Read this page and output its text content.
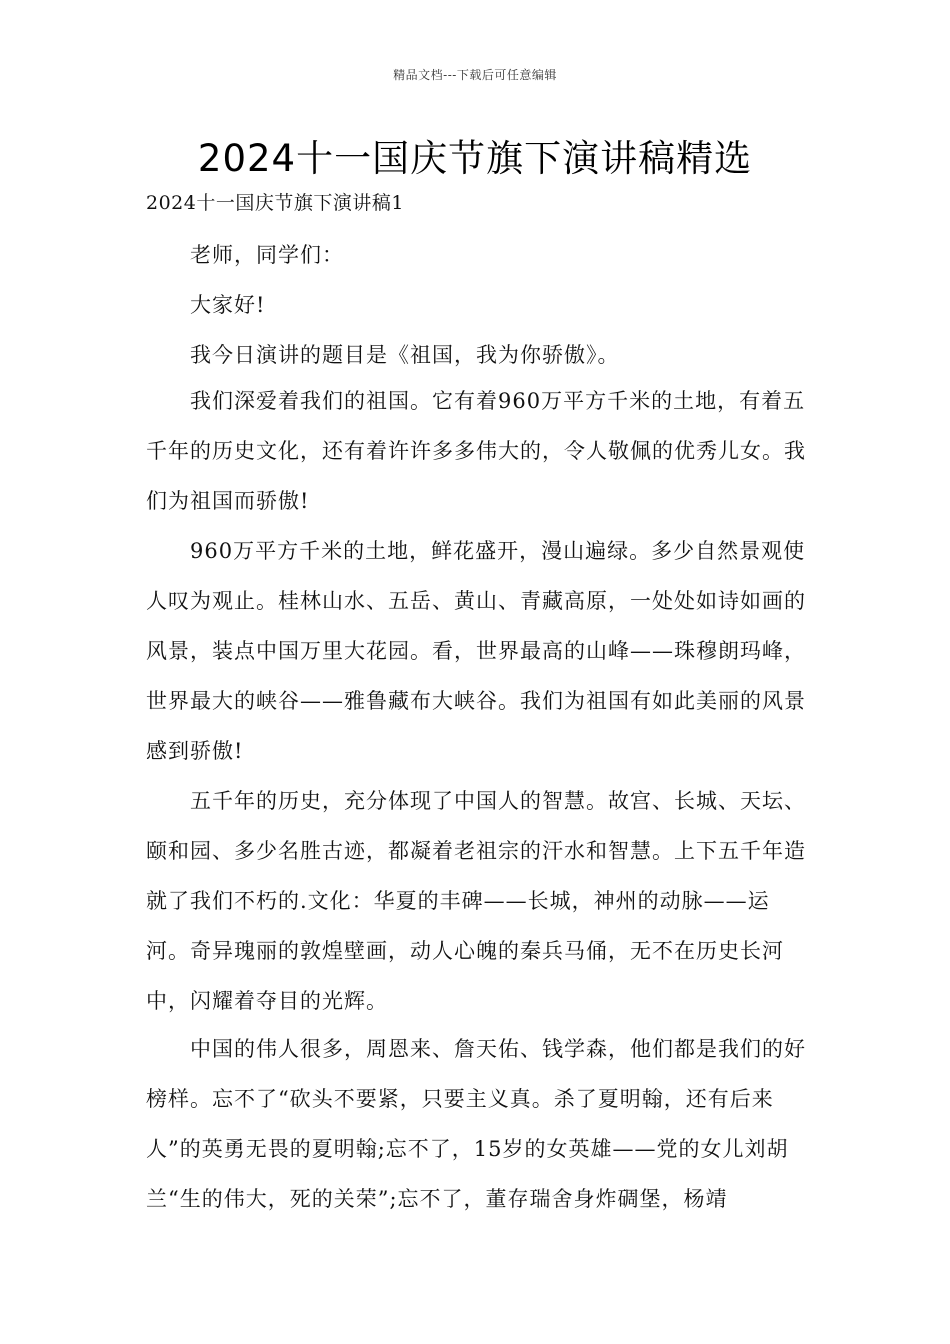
精品文档---下载后可任意编辑
2024十一国庆节旗下演讲稿精选
2024十一国庆节旗下演讲稿1

老师，同学们：

大家好!

我今日演讲的题目是《祖国，我为你骄傲》。

我们深爱着我们的祖国。它有着960万平方千米的土地，有着五千年的历史文化，还有着许许多多伟大的，令人敬佩的优秀儿女。我们为祖国而骄傲!

960万平方千米的土地，鲜花盛开，漫山遍绿。多少自然景观使人叹为观止。桂林山水、五岳、黄山、青藏高原，一处处如诗如画的风景，装点中国万里大花园。看，世界最高的山峰——珠穆朗玛峰，世界最大的峡谷——雅鲁藏布大峡谷。我们为祖国有如此美丽的风景感到骄傲!

五千年的历史，充分体现了中国人的智慧。故宫、长城、天坛、颐和园、多少名胜古迹，都凝着老祖宗的汗水和智慧。上下五千年造就了我们不朽的.文化：华夏的丰碑——长城，神州的动脉——运河。奇异瑰丽的敦煌壁画，动人心魄的秦兵马俑，无不在历史长河中，闪耀着夺目的光辉。

中国的伟人很多，周恩来、詹天佑、钱学森，他们都是我们的好榜样。忘不了“砍头不要紧，只要主义真。杀了夏明翰，还有后来人”的英勇无畏的夏明翰;忘不了，15岁的女英雄——党的女儿刘胡兰“生的伟大，死的关荣”;忘不了，董存瑞舍身炸碉堡，杨靖
